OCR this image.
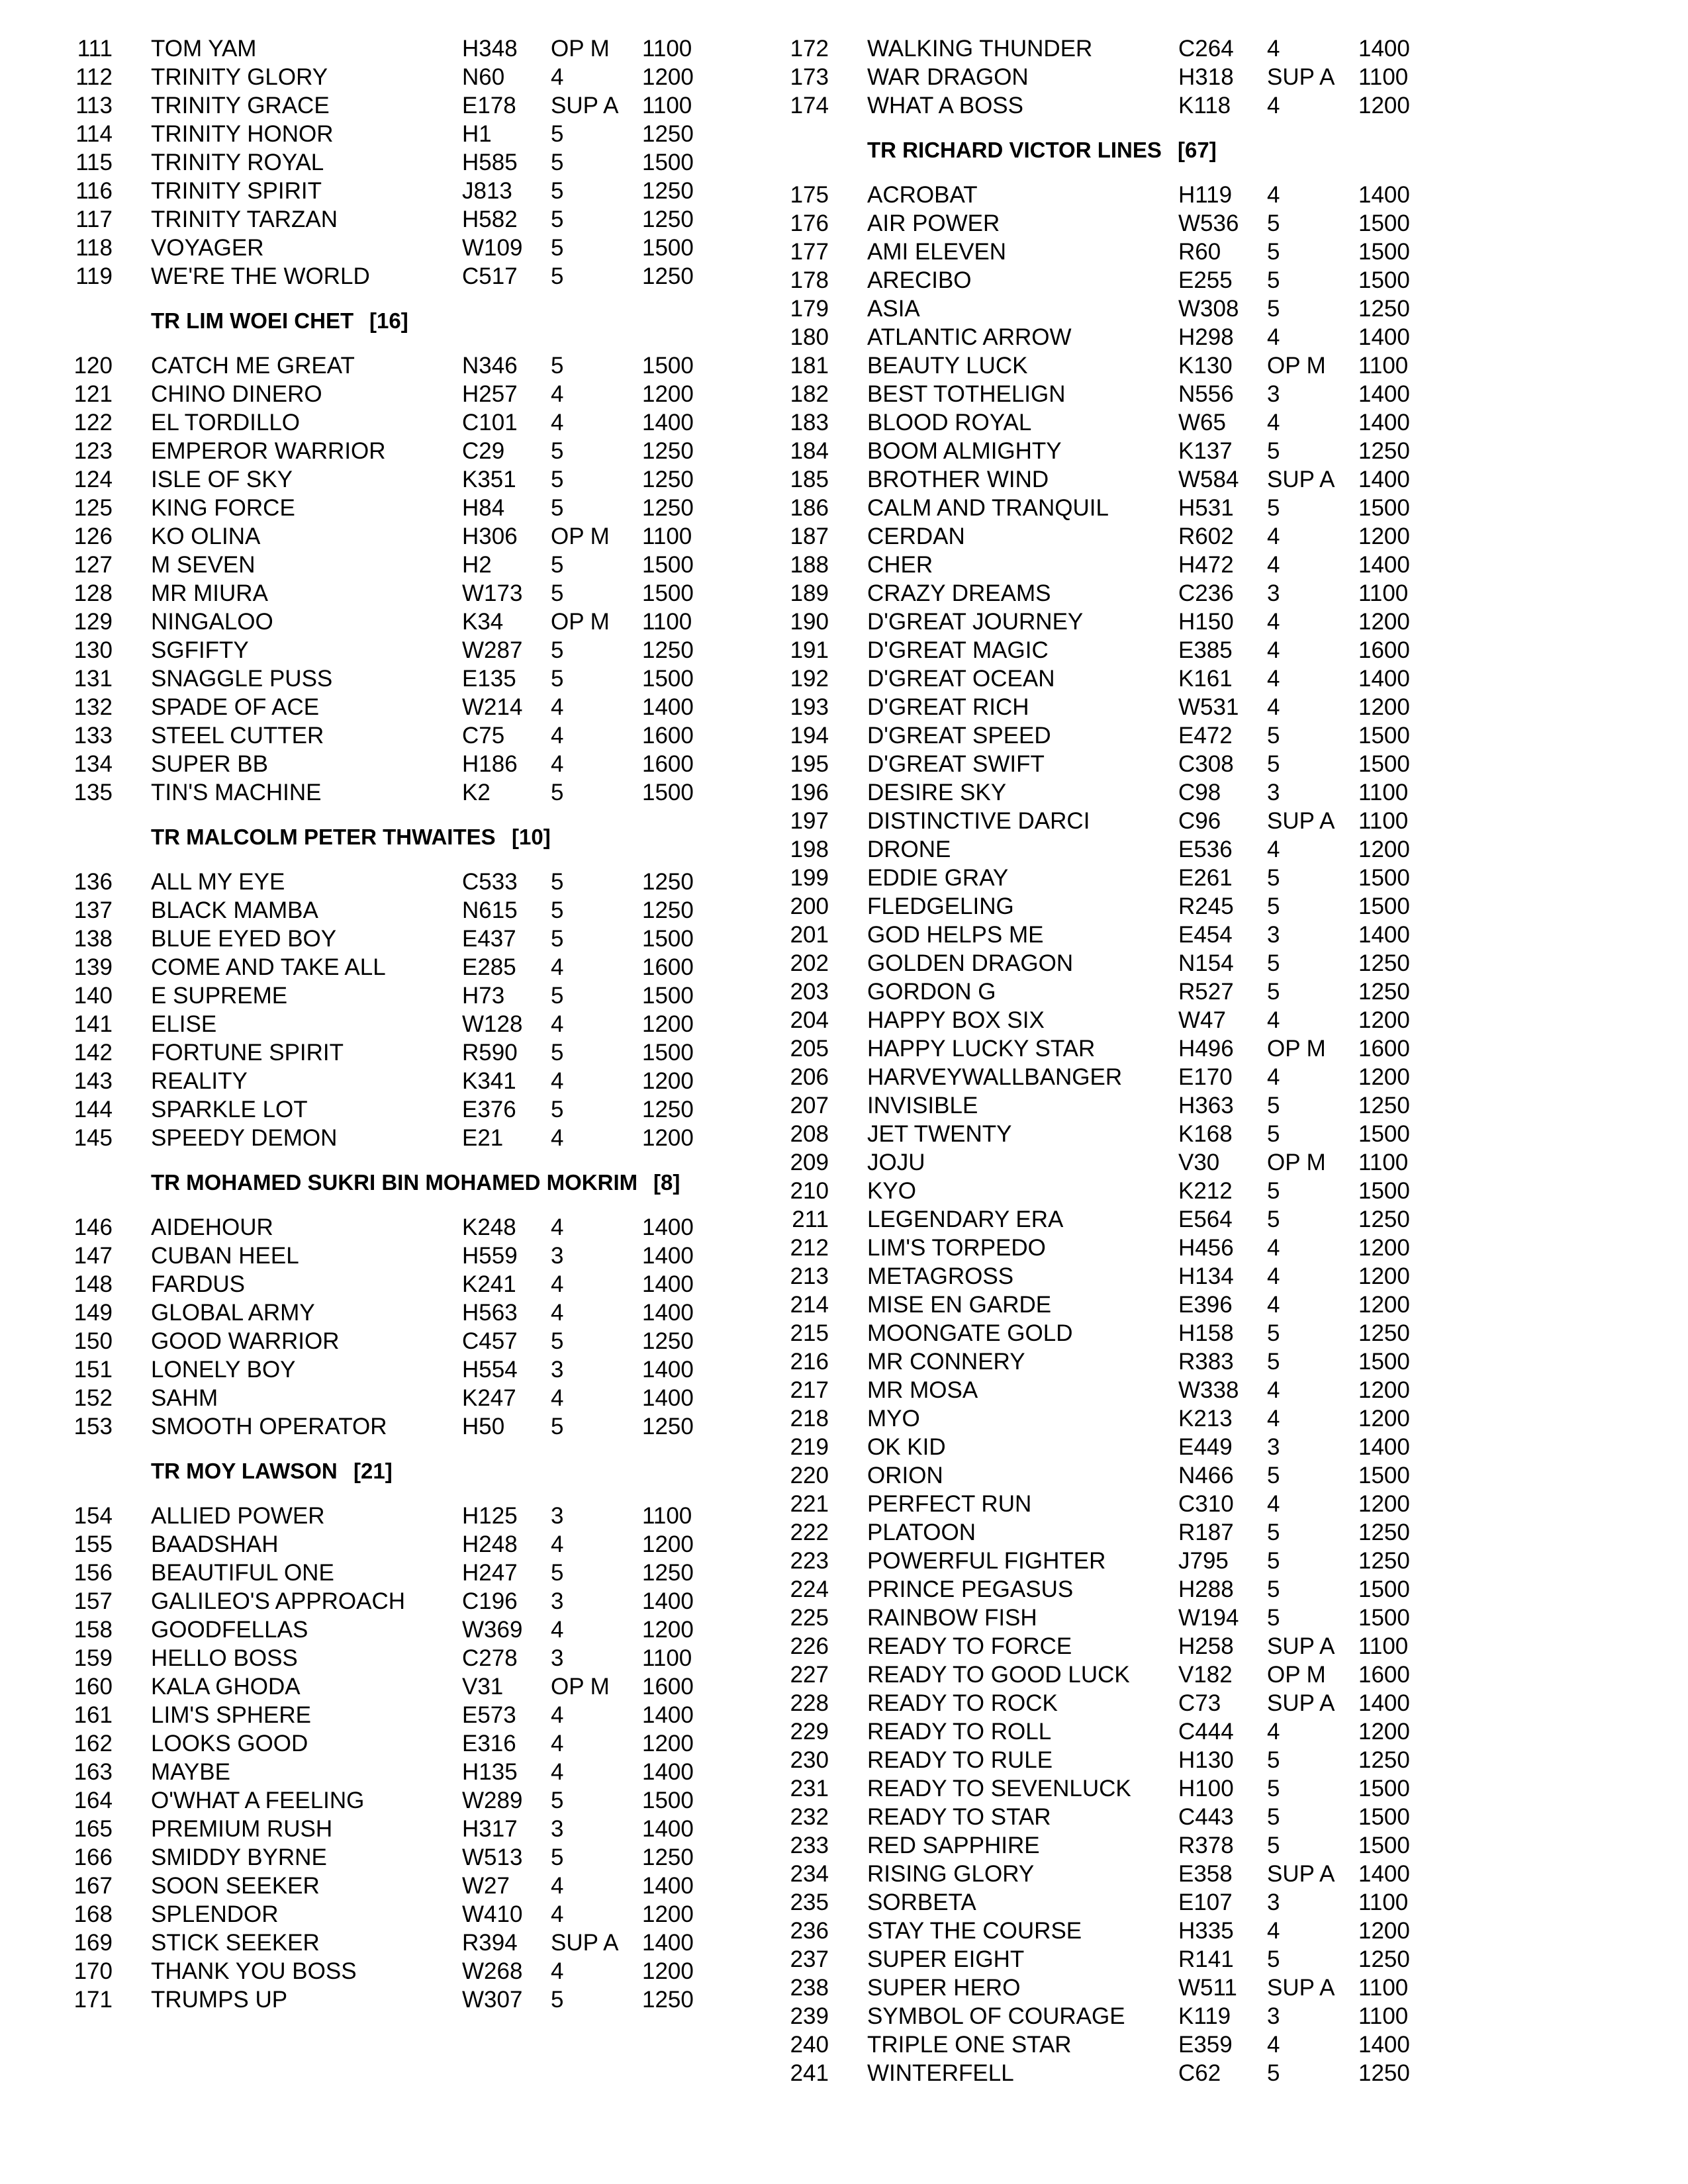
111 TOM YAM	H348 OP M 1100
112 TRINITY GLORY	N60 4	1200
113 TRINITY GRACE	E178 SUP A 1100
114 TRINITY HONOR	H1	5	1250
115 TRINITY ROYAL	H585 5	1500
116 TRINITY SPIRIT	J813 5	1250
117 TRINITY TARZAN	H582 5	1250
118 VOYAGER	W109 5	1500
119 WE'RE THE WORLD	C517 5	1250
TR LIM WOEI CHET [16]
120 CATCH ME GREAT	N346 5	1500
121 CHINO DINERO	H257 4	1200
122 EL TORDILLO	C101 4	1400
123 EMPEROR WARRIOR	C29 5	1250
124 ISLE OF SKY	K351 5	1250
125 KING FORCE	H84 5	1250
126 KO OLINA	H306 OP M 1100
127 M SEVEN	H2	5	1500
128 MR MIURA	W173 5	1500
129 NINGALOO	K34 OP M 1100
130 SGFIFTY	W287 5	1250
131 SNAGGLE PUSS	E135 5	1500
132 SPADE OF ACE	W214 4	1400
133 STEEL CUTTER	C75 4	1600
134 SUPER BB	H186 4	1600
135 TIN'S MACHINE	K2	5	1500
TR MALCOLM PETER THWAITES [10]
136 ALL MY EYE	C533 5	1250
137 BLACK MAMBA	N615 5	1250
138 BLUE EYED BOY	E437 5	1500
139 COME AND TAKE ALL	E285 4	1600
140 E SUPREME	H73 5	1500
141 ELISE	W128 4	1200
142 FORTUNE SPIRIT	R590 5	1500
143 REALITY	K341 4	1200
144 SPARKLE LOT	E376 5	1250
145 SPEEDY DEMON	E21 4	1200
TR MOHAMED SUKRI BIN MOHAMED MOKRIM [8]
146 AIDEHOUR	K248 4	1400
147 CUBAN HEEL	H559 3	1400
148 FARDUS	K241 4	1400
149 GLOBAL ARMY	H563 4	1400
150 GOOD WARRIOR	C457 5	1250
151 LONELY BOY	H554 3	1400
152 SAHM	K247 4	1400
153 SMOOTH OPERATOR	H50 5	1250
TR MOY LAWSON [21]
154 ALLIED POWER	H125 3	1100
155 BAADSHAH	H248 4	1200
156 BEAUTIFUL ONE	H247 5	1250
157 GALILEO'S APPROACH C196 3	1400
158 GOODFELLAS	W369 4	1200
159 HELLO BOSS	C278 3	1100
160 KALA GHODA	V31 OP M 1600
161 LIM'S SPHERE	E573 4	1400
162 LOOKS GOOD	E316 4	1200
163 MAYBE	H135 4	1400
164 O'WHAT A FEELING	W289 5	1500
165 PREMIUM RUSH	H317 3	1400
166 SMIDDY BYRNE	W513 5	1250
167 SOON SEEKER	W27 4	1400
168 SPLENDOR	W410 4	1200
169 STICK SEEKER	R394 SUP A 1400
170 THANK YOU BOSS	W268 4	1200
171 TRUMPS UP	W307 5	1250
172 WALKING THUNDER	C264 4	1400
173 WAR DRAGON	H318 SUP A 1100
174 WHAT A BOSS	K118 4	1200
TR RICHARD VICTOR LINES [67]
175 ACROBAT	H119 4	1400
176 AIR POWER	W536 5	1500
177 AMI ELEVEN	R60 5	1500
178 ARECIBO	E255 5	1500
179 ASIA	W308 5	1250
180 ATLANTIC ARROW	H298 4	1400
181 BEAUTY LUCK	K130 OP M 1100
182 BEST TOTHELIGN	N556 3	1400
183 BLOOD ROYAL	W65 4	1400
184 BOOM ALMIGHTY	K137 5	1250
185 BROTHER WIND	W584 SUP A 1400
186 CALM AND TRANQUIL	H531 5	1500
187 CERDAN	R602 4	1200
188 CHER	H472 4	1400
189 CRAZY DREAMS	C236 3	1100
190 D'GREAT JOURNEY	H150 4	1200
191 D'GREAT MAGIC	E385 4	1600
192 D'GREAT OCEAN	K161 4	1400
193 D'GREAT RICH	W531 4	1200
194 D'GREAT SPEED	E472 5	1500
195 D'GREAT SWIFT	C308 5	1500
196 DESIRE SKY	C98 3	1100
197 DISTINCTIVE DARCI	C96 SUP A 1100
198 DRONE	E536 4	1200
199 EDDIE GRAY	E261 5	1500
200 FLEDGELING	R245 5	1500
201 GOD HELPS ME	E454 3	1400
202 GOLDEN DRAGON	N154 5	1250
203 GORDON G	R527 5	1250
204 HAPPY BOX SIX	W47 4	1200
205 HAPPY LUCKY STAR	H496 OP M 1600
206 HARVEYWALLBANGER E170 4	1200
207 INVISIBLE	H363 5	1250
208 JET TWENTY	K168 5	1500
209 JOJU	V30 OP M 1100
210 KYO	K212 5	1500
211 LEGENDARY ERA	E564 5	1250
212 LIM'S TORPEDO	H456 4	1200
213 METAGROSS	H134 4	1200
214 MISE EN GARDE	E396 4	1200
215 MOONGATE GOLD	H158 5	1250
216 MR CONNERY	R383 5	1500
217 MR MOSA	W338 4	1200
218 MYO	K213 4	1200
219 OK KID	E449 3	1400
220 ORION	N466 5	1500
221 PERFECT RUN	C310 4	1200
222 PLATOON	R187 5	1250
223 POWERFUL FIGHTER	J795 5	1250
224 PRINCE PEGASUS	H288 5	1500
225 RAINBOW FISH	W194 5	1500
226 READY TO FORCE	H258 SUP A 1100
227 READY TO GOOD LUCK V182 OP M 1600
228 READY TO ROCK	C73 SUP A 1400
229 READY TO ROLL	C444 4	1200
230 READY TO RULE	H130 5	1250
231 READY TO SEVENLUCK H100 5	1500
232 READY TO STAR	C443 5	1500
233 RED SAPPHIRE	R378 5	1500
234 RISING GLORY	E358 SUP A 1400
235 SORBETA	E107 3	1100
236 STAY THE COURSE	H335 4	1200
237 SUPER EIGHT	R141 5	1250
238 SUPER HERO	W511 SUP A 1100
239 SYMBOL OF COURAGE K119 3	1100
240 TRIPLE ONE STAR	E359 4	1400
241 WINTERFELL	C62 5	1250
